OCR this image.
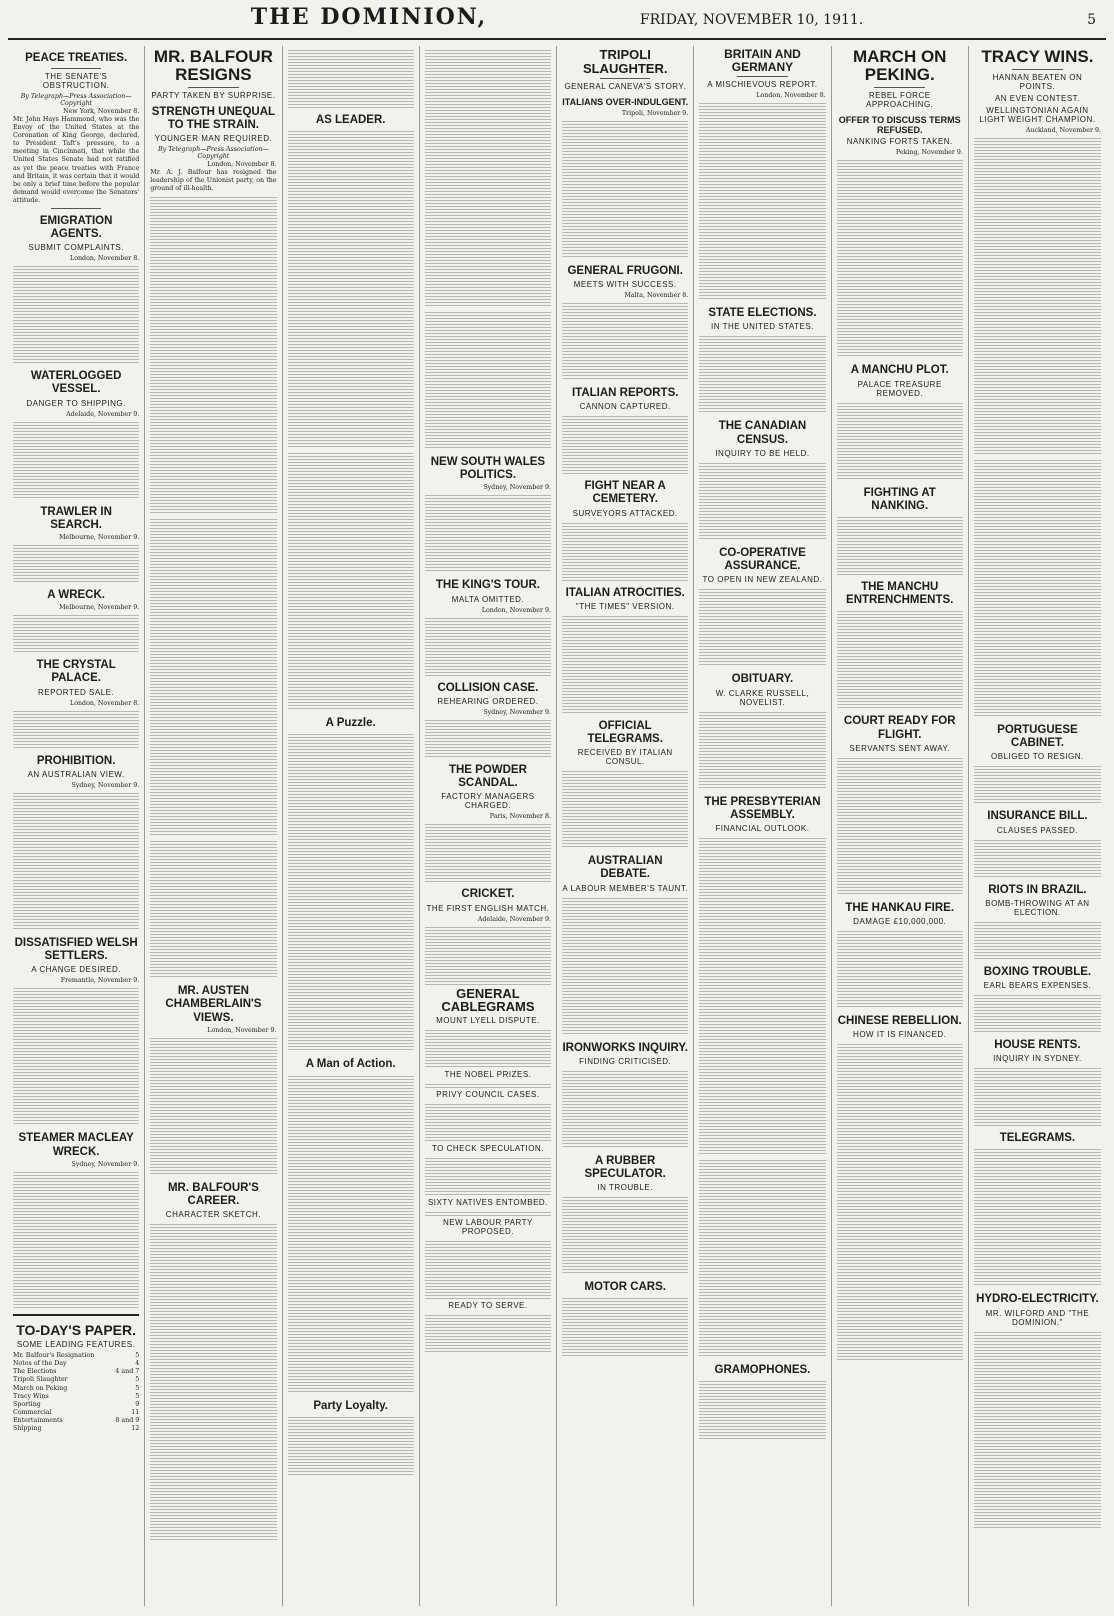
THE DOMINION,	FRIDAY, NOVEMBER 10, 1911.	5
PEACE TREATIES.
THE SENATE'S OBSTRUCTION.
By Telegraph—Press Association—Copyright
New York, November 8.

Mr. John Hays Hammond, who was the Envoy of the United States at the Coronation of King George, declared, to President Taft's pressure, to a meeting in Cincinnati, that while the United States Senate had not ratified as yet the peace treaties with France and Britain, it was certain that it would be only a brief time before the popular demand would overcome the Senators' attitude.

EMIGRATION AGENTS.
SUBMIT COMPLAINTS.
London, November 8.
WATERLOGGED VESSEL.
DANGER TO SHIPPING.
Adelaide, November 9.
TRAWLER IN SEARCH.
Melbourne, November 9.
A WRECK.
Melbourne, November 9.
THE CRYSTAL PALACE.
REPORTED SALE.
London, November 8.
PROHIBITION.
AN AUSTRALIAN VIEW.
Sydney, November 9.
DISSATISFIED WELSH SETTLERS.
A CHANGE DESIRED.
Fremantle, November 9.
STEAMER MACLEAY WRECK.
Sydney, November 9.
TO-DAY'S PAPER.
SOME LEADING FEATURES.
Mr. Balfour's Resignation	5
Notes of the Day	4
The Elections	4 and 7
Tripoli Slaughter	5
March on Peking	5
Tracy Wins	5
Sporting	9
Commercial	11
Entertainments	8 and 9
Shipping	12
MR. BALFOUR RESIGNS
PARTY TAKEN BY SURPRISE.
STRENGTH UNEQUAL TO THE STRAIN.
YOUNGER MAN REQUIRED.
By Telegraph—Press Association—Copyright
London, November 8.

Mr. A. J. Balfour has resigned the leadership of the Unionist party, on the ground of ill-health.

MR. AUSTEN CHAMBERLAIN'S VIEWS.
London, November 9.
MR. BALFOUR'S CAREER.
CHARACTER SKETCH.
AS LEADER.
A Puzzle.
A Man of Action.
Party Loyalty.
NEW SOUTH WALES POLITICS.
Sydney, November 9.
THE KING'S TOUR.
MALTA OMITTED.
London, November 9.
COLLISION CASE.
REHEARING ORDERED.
Sydney, November 9.
THE POWDER SCANDAL.
FACTORY MANAGERS CHARGED.
Paris, November 8.
CRICKET.
THE FIRST ENGLISH MATCH.
Adelaide, November 9.
GENERAL CABLEGRAMS
MOUNT LYELL DISPUTE.
THE NOBEL PRIZES.
PRIVY COUNCIL CASES.
TO CHECK SPECULATION.
SIXTY NATIVES ENTOMBED.
NEW LABOUR PARTY PROPOSED.
READY TO SERVE.
TRIPOLI SLAUGHTER.
GENERAL CANEVA'S STORY.
ITALIANS OVER-INDULGENT.
Tripoli, November 9.
GENERAL FRUGONI.
MEETS WITH SUCCESS.
Malta, November 8.
ITALIAN REPORTS.
CANNON CAPTURED.
FIGHT NEAR A CEMETERY.
SURVEYORS ATTACKED.
ITALIAN ATROCITIES.
"THE TIMES" VERSION.
OFFICIAL TELEGRAMS.
RECEIVED BY ITALIAN CONSUL.
AUSTRALIAN DEBATE.
A LABOUR MEMBER'S TAUNT.
IRONWORKS INQUIRY.
FINDING CRITICISED.
A RUBBER SPECULATOR.
IN TROUBLE.
MOTOR CARS.
BRITAIN AND GERMANY
A MISCHIEVOUS REPORT.
London, November 8.
STATE ELECTIONS.
IN THE UNITED STATES.
THE CANADIAN CENSUS.
INQUIRY TO BE HELD.
CO-OPERATIVE ASSURANCE.
TO OPEN IN NEW ZEALAND.
OBITUARY.
W. CLARKE RUSSELL, NOVELIST.
THE PRESBYTERIAN ASSEMBLY.
FINANCIAL OUTLOOK.
GRAMOPHONES.
MARCH ON PEKING.
REBEL FORCE APPROACHING.
OFFER TO DISCUSS TERMS REFUSED.
NANKING FORTS TAKEN.
Peking, November 9.
A MANCHU PLOT.
PALACE TREASURE REMOVED.
FIGHTING AT NANKING.
THE MANCHU ENTRENCHMENTS.
COURT READY FOR FLIGHT.
SERVANTS SENT AWAY.
THE HANKAU FIRE.
DAMAGE £10,000,000.
CHINESE REBELLION.
HOW IT IS FINANCED.
TRACY WINS.
HANNAN BEATEN ON POINTS.
AN EVEN CONTEST.
WELLINGTONIAN AGAIN LIGHT WEIGHT CHAMPION.
Auckland, November 9.
PORTUGUESE CABINET.
OBLIGED TO RESIGN.
INSURANCE BILL.
CLAUSES PASSED.
RIOTS IN BRAZIL.
BOMB-THROWING AT AN ELECTION.
BOXING TROUBLE.
EARL BEARS EXPENSES.
HOUSE RENTS.
INQUIRY IN SYDNEY.
TELEGRAMS.
HYDRO-ELECTRICITY.
MR. WILFORD AND "THE DOMINION."
